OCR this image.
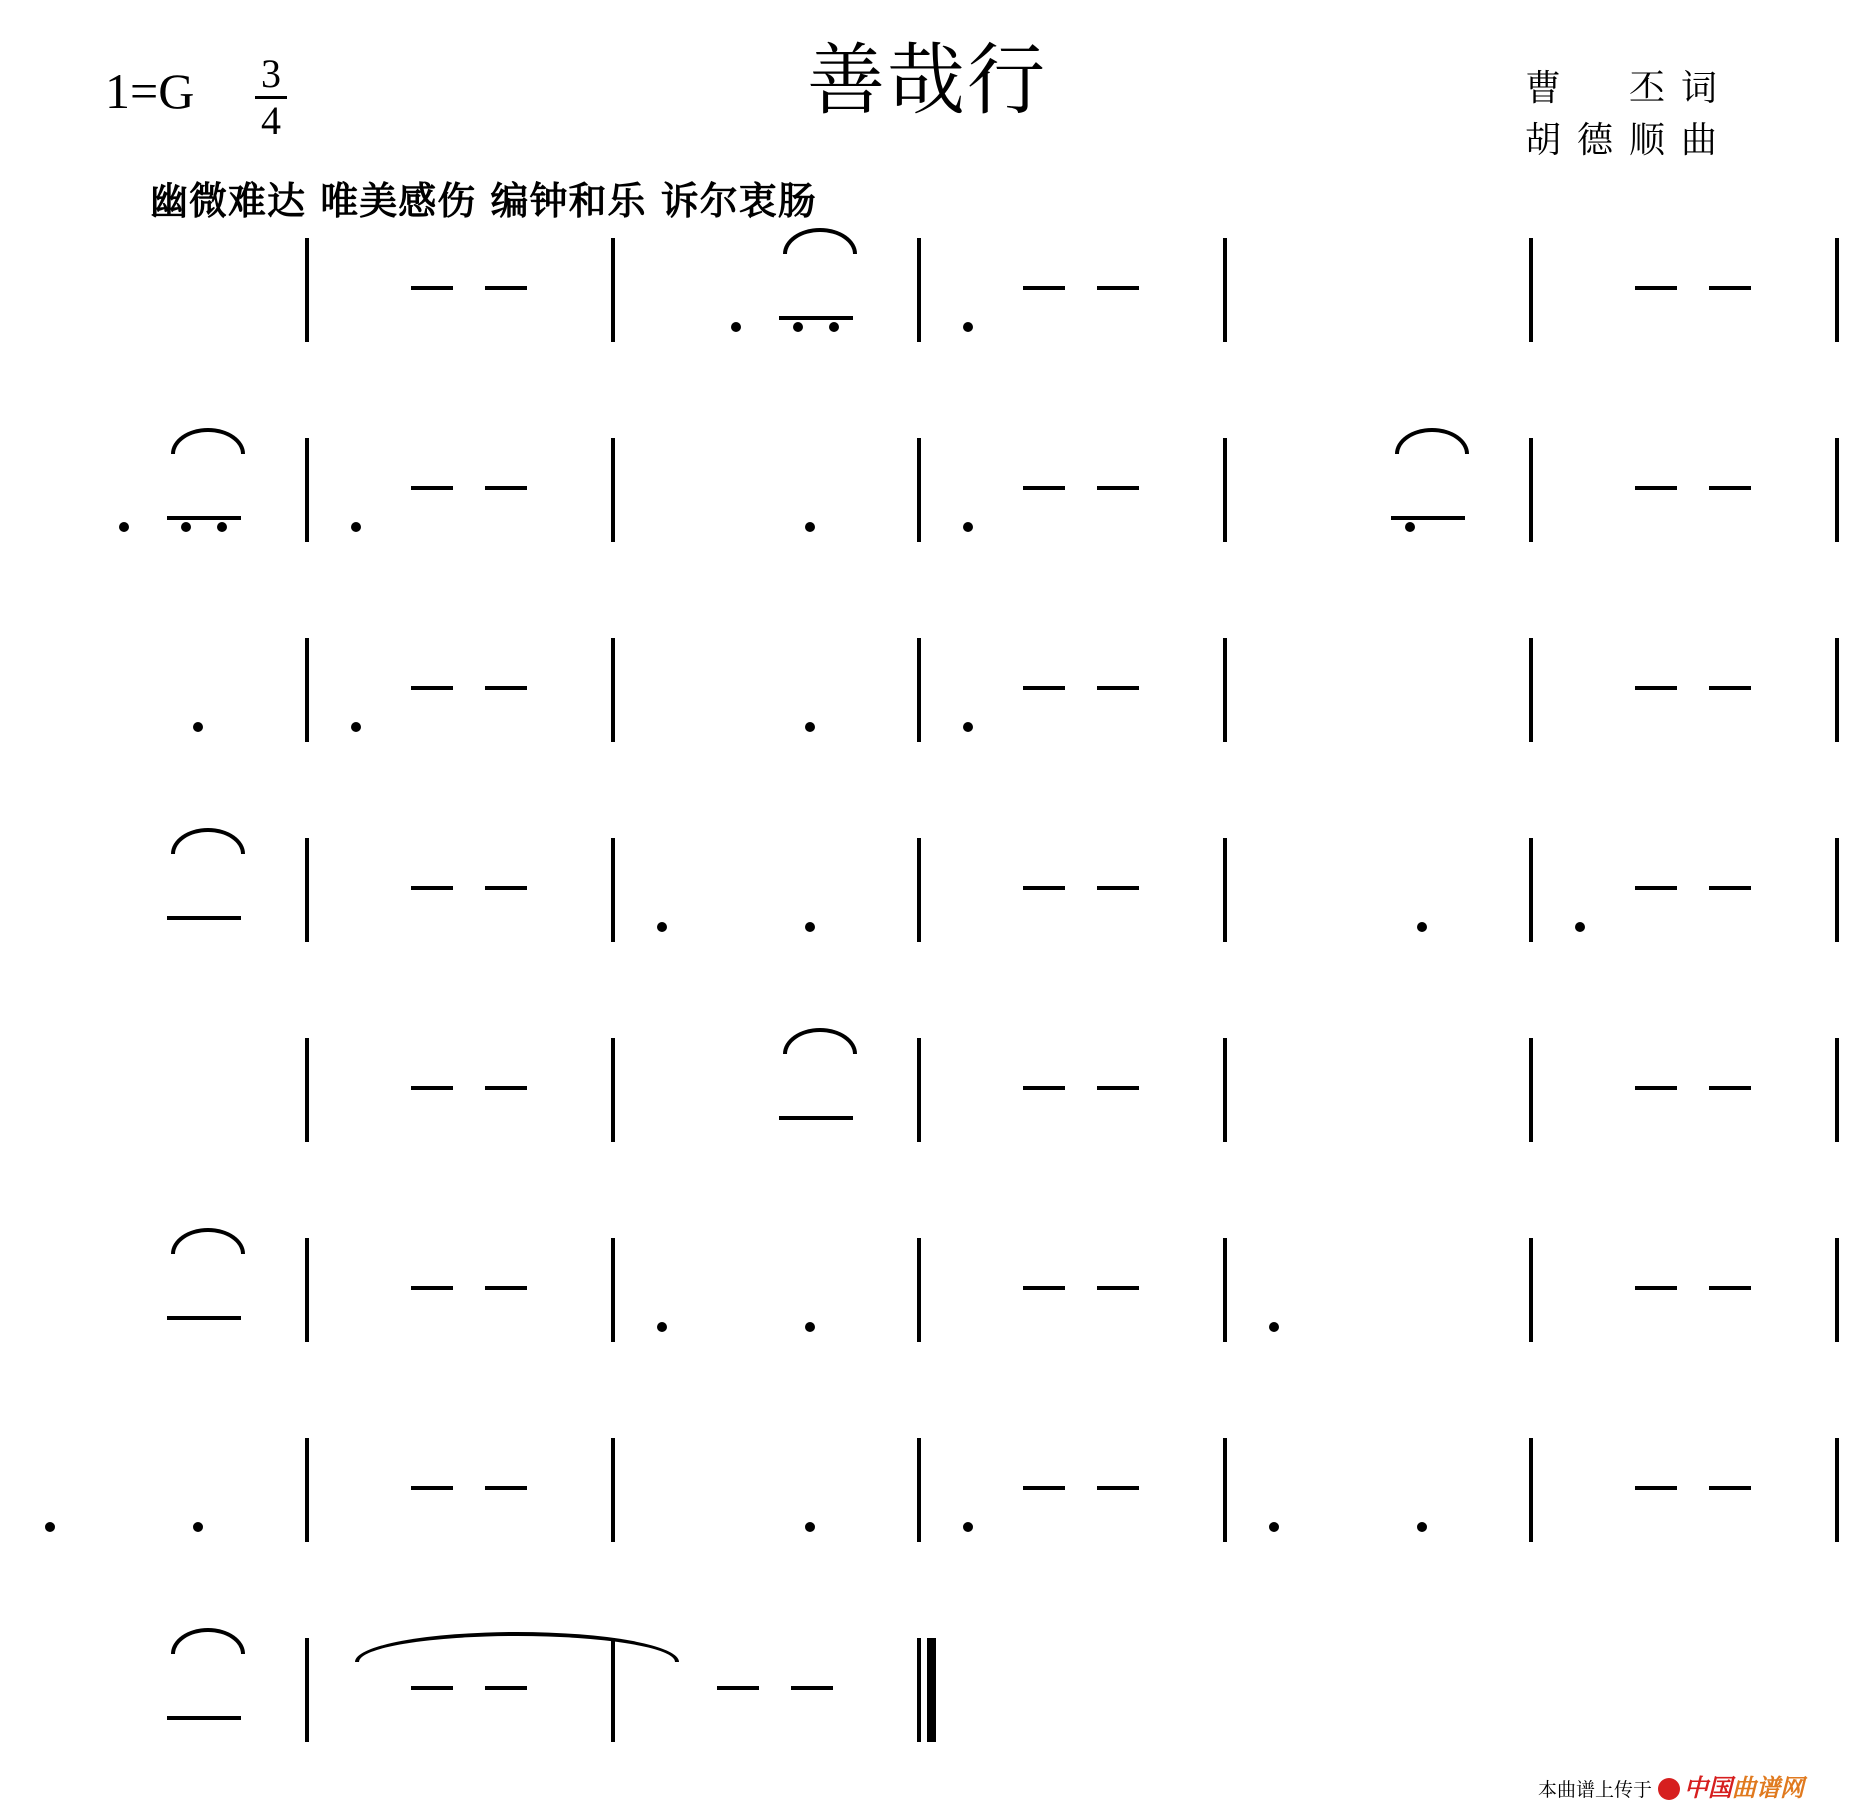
善哉行
1=G 3
4
曹　丕词
胡德顺曲
幽微难达 唯美感伤 编钟和乐 诉尔衷肠
本曲谱上传于 中国曲谱网
